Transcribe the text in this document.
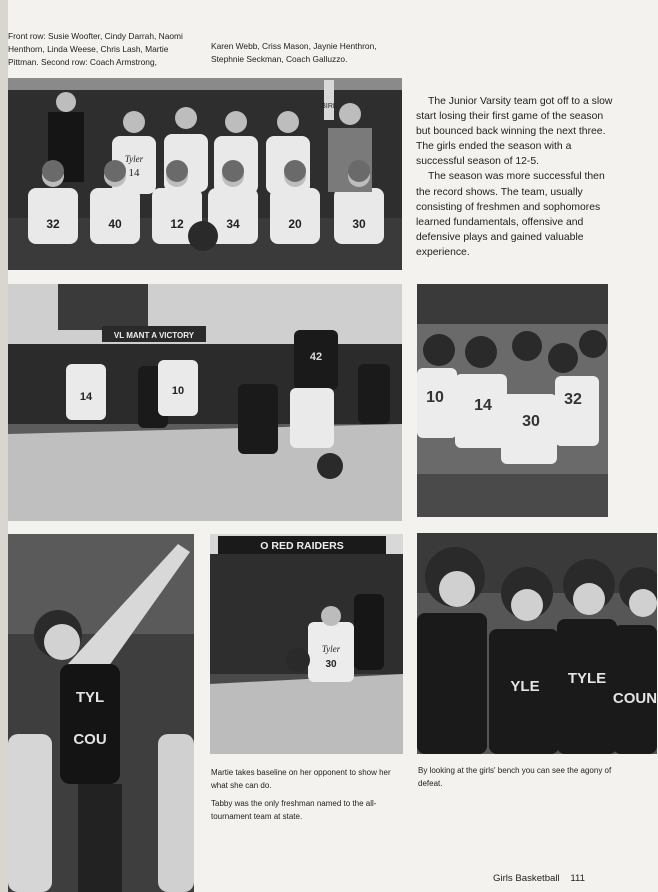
Front row: Susie Woofter, Cindy Darrah, Naomi Henthorn, Linda Weese, Chris Lash, Martie Pittman. Second row: Coach Armstrong,
Karen Webb, Criss Mason, Jaynie Henthron, Stephnie Seckman, Coach Galluzzo.
BIRL
Tyler
14
32	40	12	34	20	30

The Junior Varsity team got off to a slow start losing their first game of the season but bounced back winning the next three. The girls ended the season with a successful season of 12-5.

The season was more successful then the record shows. The team, usually consisting of freshmen and sophomores learned fundamentals, offensive and defensive plays and gained valuable experience.

VL MANT A VICTORY
14	10
42
10 14
30
32
TYL
COU
O RED RAIDERS
Tyler
30
Martie takes baseline on her opponent to show her what she can do.
Tabby was the only freshman named to the all-tournament team at state.
YLE TYLE
COUN
By looking at the girls' bench you can see the agony of defeat.
Girls Basketball 111
